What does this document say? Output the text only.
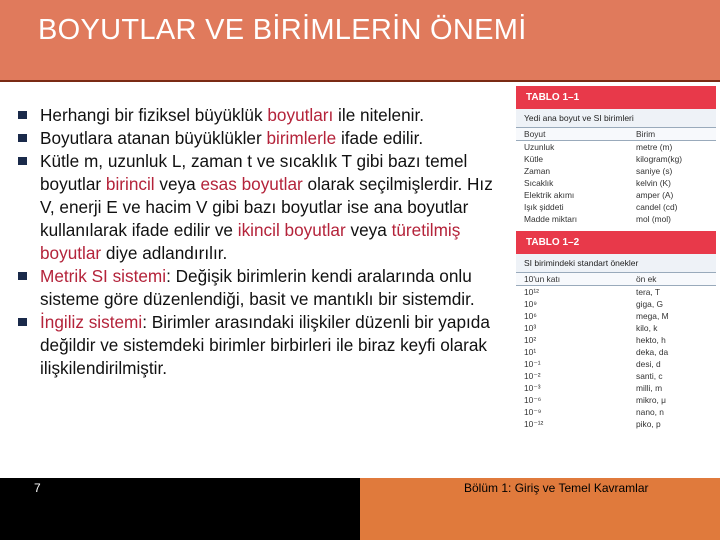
BOYUTLAR VE BİRİMLERİN ÖNEMİ
Herhangi bir fiziksel büyüklük boyutları ile nitelenir.
Boyutlara atanan büyüklükler birimlerle ifade edilir.
Kütle m, uzunluk L, zaman t ve sıcaklık T gibi bazı temel boyutlar birincil veya esas boyutlar olarak seçilmişlerdir. Hız V, enerji E ve hacim V gibi bazı boyutlar ise ana boyutlar kullanılarak ifade edilir ve ikincil boyutlar veya türetilmiş boyutlar diye adlandırılır.
Metrik SI sistemi: Değişik birimlerin kendi aralarında onlu sisteme göre düzenlendiği, basit ve mantıklı bir sistemdir.
İngiliz sistemi: Birimler arasındaki ilişkiler düzenli bir yapıda değildir ve sistemdeki birimler birbirleri ile biraz keyfi olarak ilişkilendirilmiştir.
TABLO 1–1
Yedi ana boyut ve SI birimleri
Boyut	Birim
Uzunluk	metre (m)
Kütle	kilogram(kg)
Zaman	saniye (s)
Sıcaklık	kelvin (K)
Elektrik akımı	amper (A)
Işık şiddeti	candel (cd)
Madde miktarı	mol (mol)
TABLO 1–2
SI birimindeki standart önekler
10'un katı	ön ek
10¹²	tera, T
10⁹	giga, G
10⁶	mega, M
10³	kilo, k
10²	hekto, h
10¹	deka, da
10⁻¹	desi, d
10⁻²	santi, c
10⁻³	milli, m
10⁻⁶	mikro, μ
10⁻⁹	nano, n
10⁻¹²	piko, p
7	Bölüm 1: Giriş ve Temel Kavramlar
